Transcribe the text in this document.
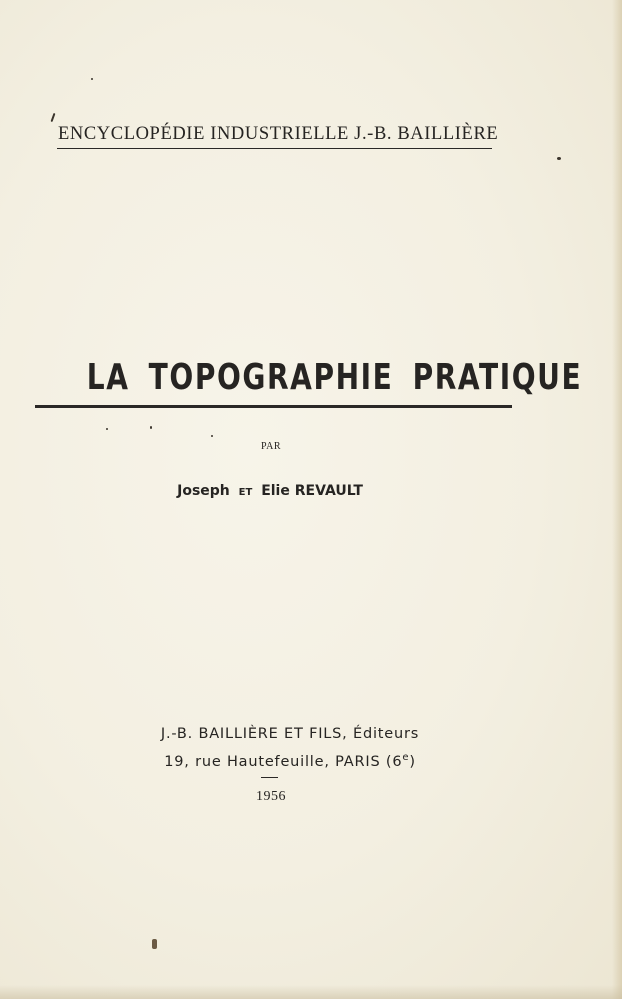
ENCYCLOPÉDIE INDUSTRIELLE J.-B. BAILLIÈRE
LA TOPOGRAPHIE PRATIQUE
PAR
Joseph ET Elie REVAULT
J.-B. BAILLIÈRE ET FILS, Éditeurs
19, rue Hautefeuille, PARIS (6e)
1956
